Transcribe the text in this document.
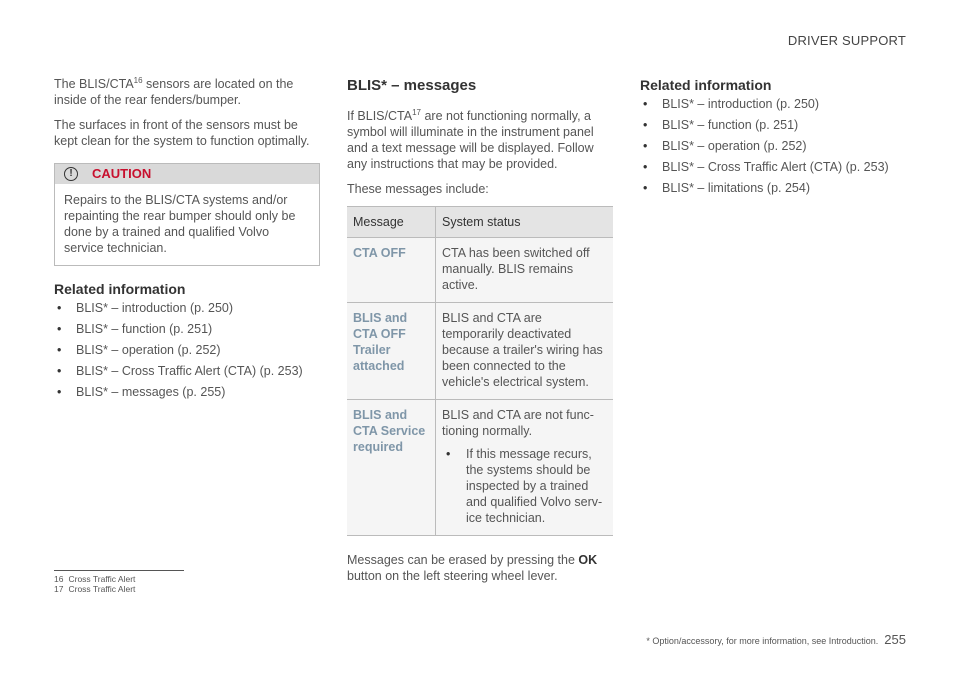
DRIVER SUPPORT

The BLIS/CTA$^{16}$ sensors are located on the inside of the rear fenders/bumper.

The surfaces in front of the sensors must be kept clean for the system to function optimally.

!	CAUTION

Repairs to the BLIS/CTA systems and/or repainting the rear bumper should only be done by a trained and qualified Volvo service technician.

Related information
• BLIS* – introduction (p. 250)
• BLIS* – function (p. 251)
• BLIS* – operation (p. 252)
• BLIS* – Cross Traffic Alert (CTA) (p. 253)
• BLIS* – messages (p. 255)
BLIS* – messages

If BLIS/CTA$^{17}$ are not functioning normally, a symbol will illuminate in the instrument panel and a text message will be displayed. Follow any instructions that may be provided.

These messages include:

Message	System status
CTA OFF	CTA has been switched off manually. BLIS remains active.
BLIS and CTA OFF Trailer attached	BLIS and CTA are temporarily deactivated because a trailer's wiring has been connected to the vehicle's electrical system.
BLIS and CTA Service required	BLIS and CTA are not func- tioning normally.

• If this message recurs, the systems should be inspected by a trained and qualified Volvo serv- ice technician.

Messages can be erased by pressing the OK button on the left steering wheel lever.

Related information
• BLIS* – introduction (p. 250)
• BLIS* – function (p. 251)
• BLIS* – operation (p. 252)
• BLIS* – Cross Traffic Alert (CTA) (p. 253)
• BLIS* – limitations (p. 254)
16 Cross Traffic Alert
17 Cross Traffic Alert
* Option/accessory, for more information, see Introduction. 255
